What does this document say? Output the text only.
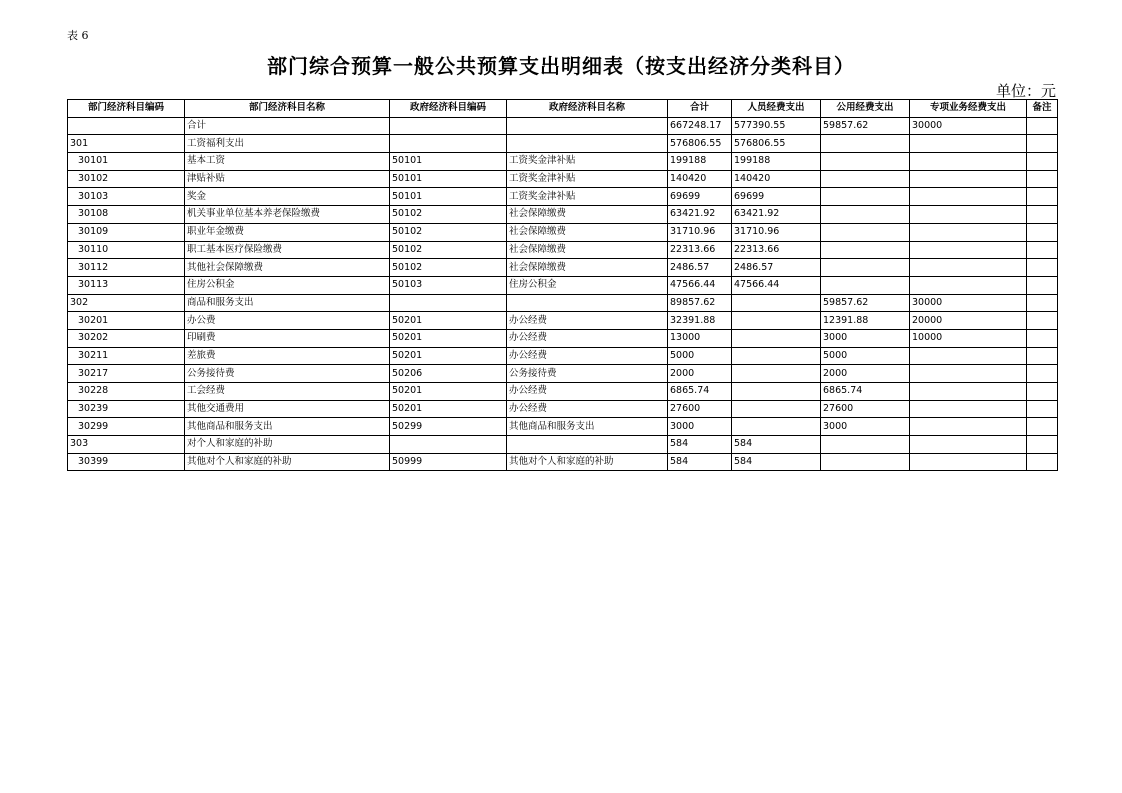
表 6
部门综合预算一般公共预算支出明细表（按支出经济分类科目）
单位：元
部门经济科目编码	部门经济科目名称	政府经济科目编码	政府经济科目名称	合计	人员经费支出	公用经费支出	专项业务经费支出	备注
	合计			667248.17	577390.55	59857.62	30000	
301	工资福利支出			576806.55	576806.55			
30101	基本工资	50101	工资奖金津补贴	199188	199188			
30102	津贴补贴	50101	工资奖金津补贴	140420	140420			
30103	奖金	50101	工资奖金津补贴	69699	69699			
30108	机关事业单位基本养老保险缴费	50102	社会保障缴费	63421.92	63421.92			
30109	职业年金缴费	50102	社会保障缴费	31710.96	31710.96			
30110	职工基本医疗保险缴费	50102	社会保障缴费	22313.66	22313.66			
30112	其他社会保障缴费	50102	社会保障缴费	2486.57	2486.57			
30113	住房公积金	50103	住房公积金	47566.44	47566.44			
302	商品和服务支出			89857.62		59857.62	30000	
30201	办公费	50201	办公经费	32391.88		12391.88	20000	
30202	印刷费	50201	办公经费	13000		3000	10000	
30211	差旅费	50201	办公经费	5000		5000		
30217	公务接待费	50206	公务接待费	2000		2000		
30228	工会经费	50201	办公经费	6865.74		6865.74		
30239	其他交通费用	50201	办公经费	27600		27600		
30299	其他商品和服务支出	50299	其他商品和服务支出	3000		3000		
303	对个人和家庭的补助			584	584			
30399	其他对个人和家庭的补助	50999	其他对个人和家庭的补助	584	584			
